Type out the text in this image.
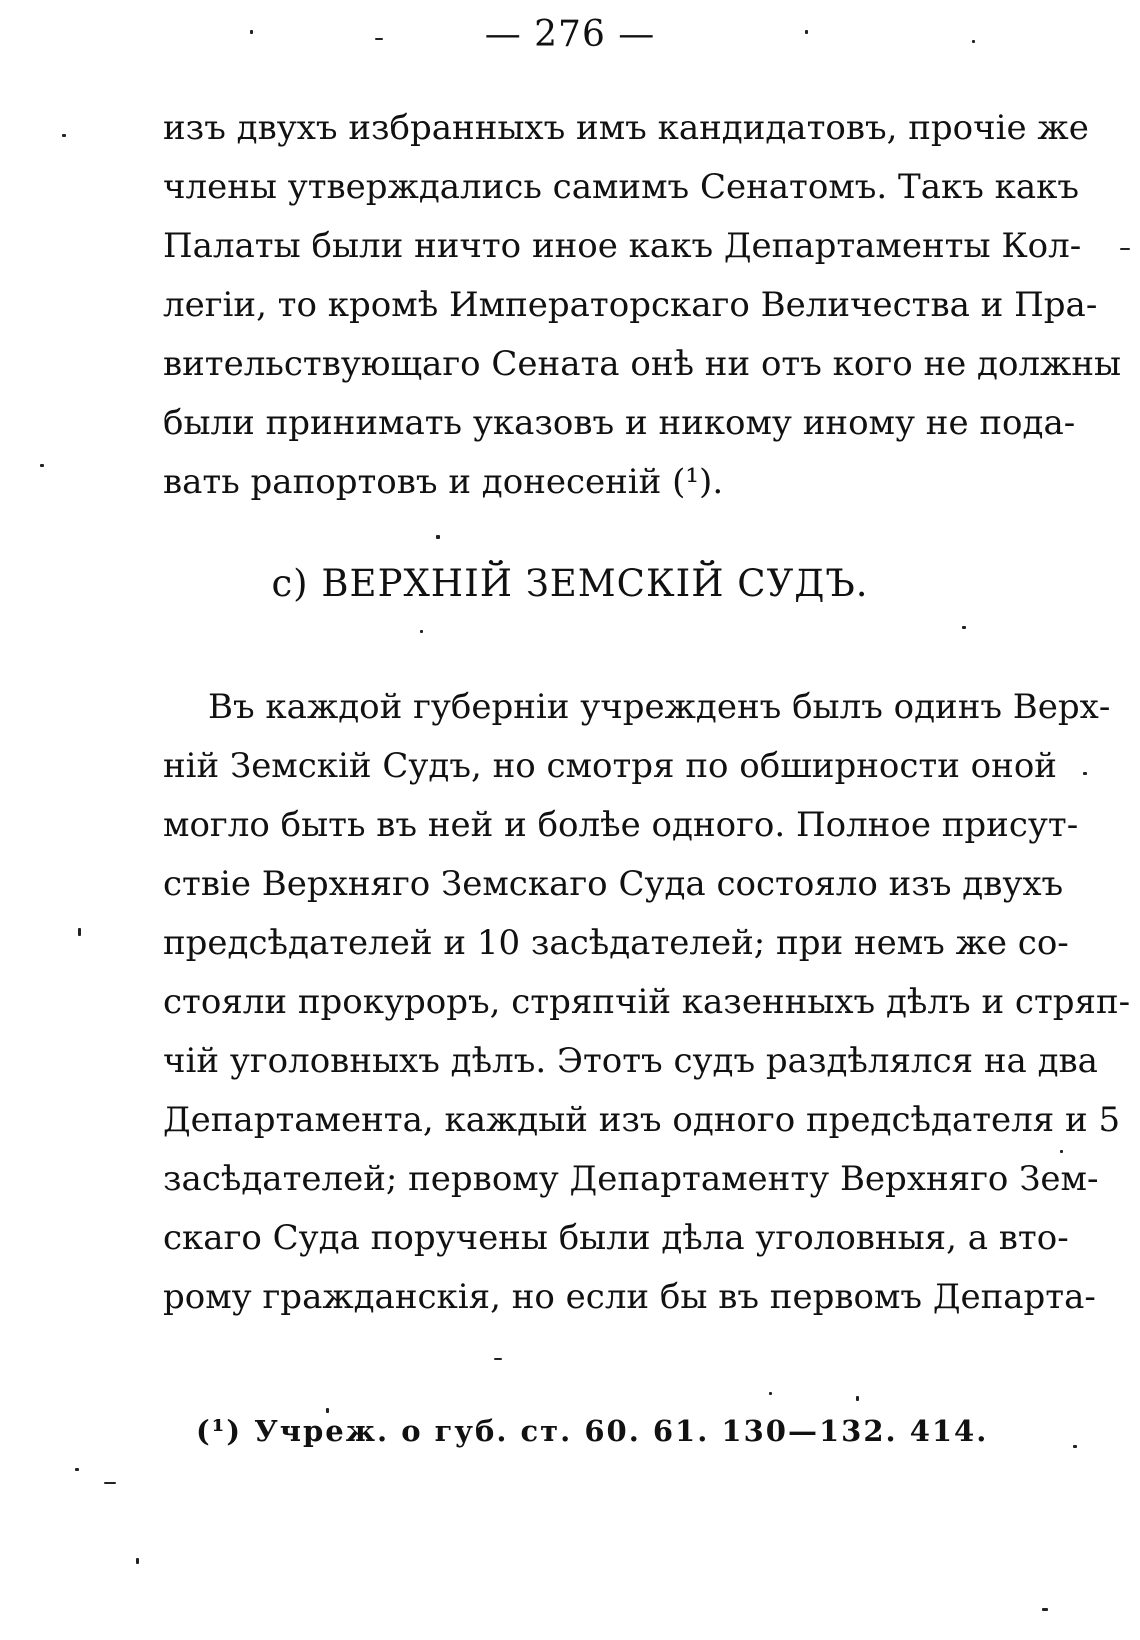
— 276 —
изъ двухъ избранныхъ имъ кандидатовъ, прочіе же
члены утверждались самимъ Сенатомъ. Такъ какъ
Палаты были ничто иное какъ Департаменты Кол-
легіи, то кромѣ Императорскаго Величества и Пра-
вительствующаго Сената онѣ ни отъ кого не должны
были принимать указовъ и никому иному не пода-
вать рапортовъ и донесеній (¹).
c) ВЕРХНІЙ ЗЕМСКІЙ СУДЪ.
Въ каждой губерніи учрежденъ былъ одинъ Верх-
ній Земскій Судъ, но смотря по обширности оной
могло быть въ ней и болѣе одного. Полное присут-
ствіе Верхняго Земскаго Суда состояло изъ двухъ
предсѣдателей и 10 засѣдателей; при немъ же со-
стояли прокуроръ, стряпчій казенныхъ дѣлъ и стряп-
чій уголовныхъ дѣлъ. Этотъ судъ раздѣлялся на два
Департамента, каждый изъ одного предсѣдателя и 5
засѣдателей; первому Департаменту Верхняго Зем-
скаго Суда поручены были дѣла уголовныя, а вто-
рому гражданскія, но если бы въ первомъ Департа-
(¹) Учреж. о губ. ст. 60. 61. 130—132. 414.
